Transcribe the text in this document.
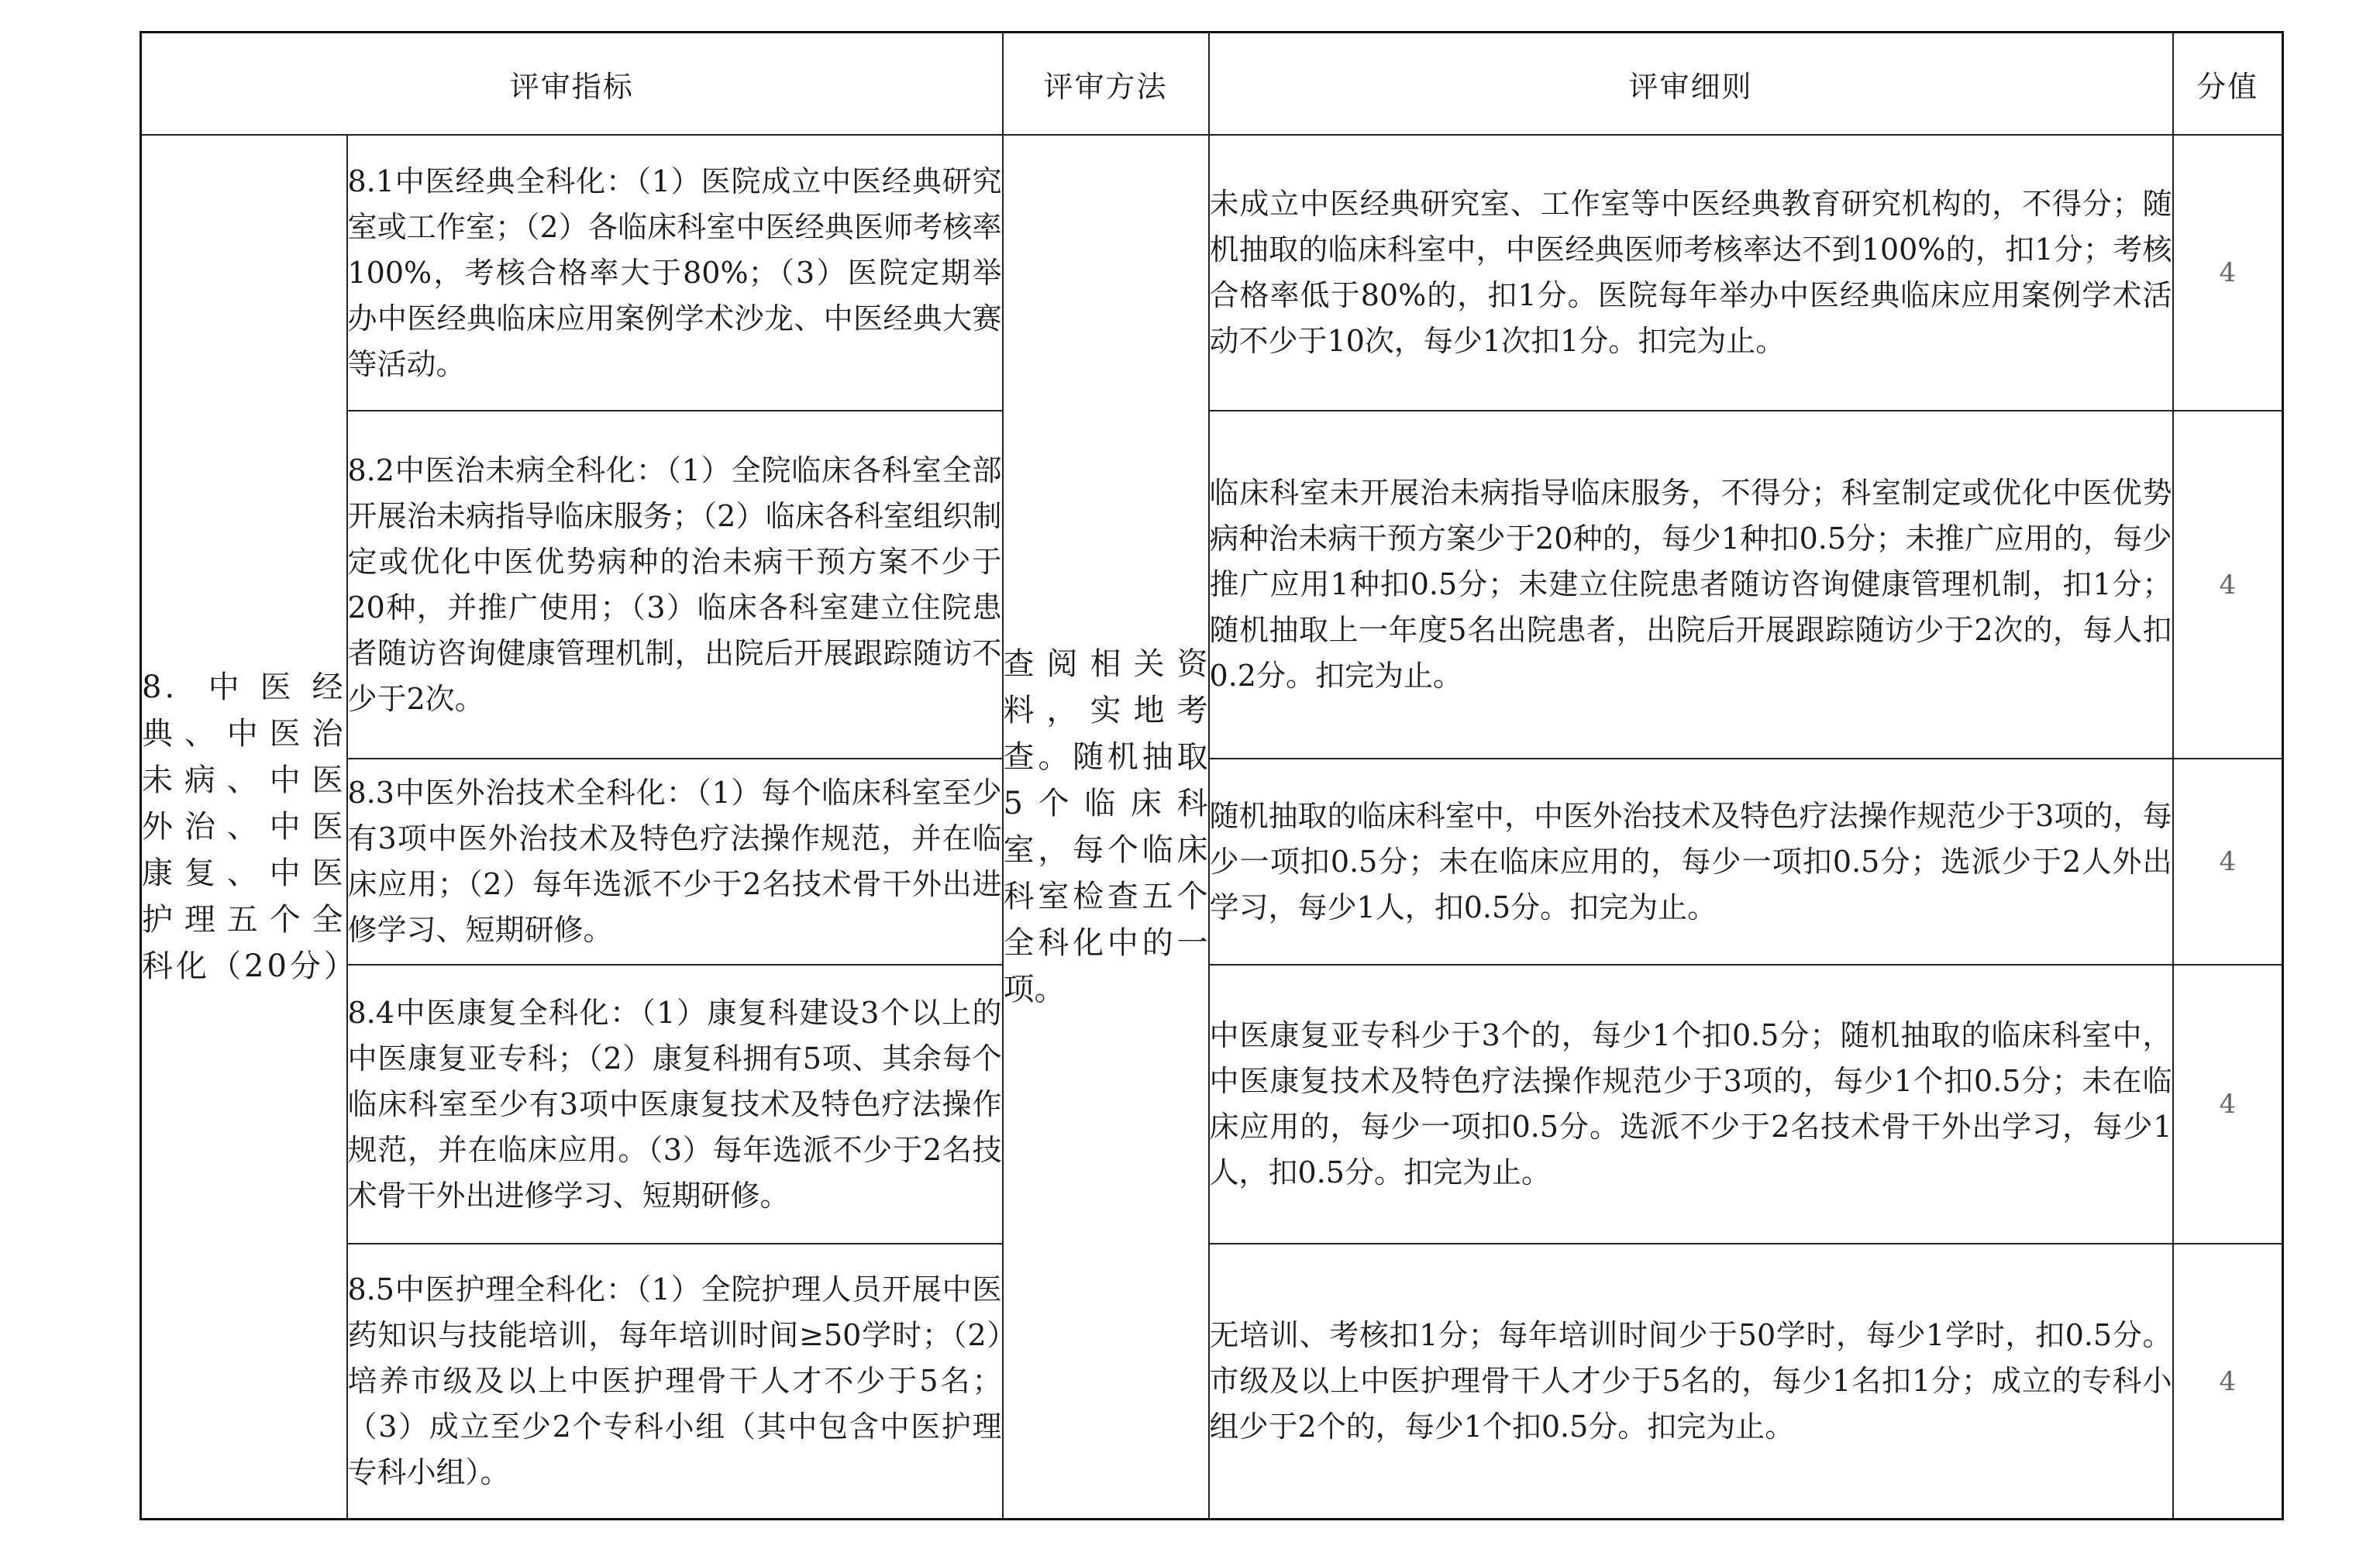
评审指标		评审方法	评审细则	分值
8. 中医经典、中医治未病、中医外治、中医康复、中医护理五个全科化（20分）	8.1中医经典全科化：（1）医院成立中医经典研究室或工作室；（2）各临床科室中医经典医师考核率100%，考核合格率大于80%；（3）医院定期举办中医经典临床应用案例学术沙龙、中医经典大赛等活动。	查阅相关资料，实地考查。随机抽取5个临床科室，每个临床科室检查五个全科化中的一项。	未成立中医经典研究室、工作室等中医经典教育研究机构的，不得分；随机抽取的临床科室中，中医经典医师考核率达不到100%的，扣1分；考核合格率低于80%的，扣1分。医院每年举办中医经典临床应用案例学术活动不少于10次，每少1次扣1分。扣完为止。	4
	8.2中医治未病全科化：（1）全院临床各科室全部开展治未病指导临床服务；（2）临床各科室组织制定或优化中医优势病种的治未病干预方案不少于20种，并推广使用；（3）临床各科室建立住院患者随访咨询健康管理机制，出院后开展跟踪随访不少于2次。		临床科室未开展治未病指导临床服务，不得分；科室制定或优化中医优势病种治未病干预方案少于20种的，每少1种扣0.5分；未推广应用的，每少推广应用1种扣0.5分；未建立住院患者随访咨询健康管理机制，扣1分；随机抽取上一年度5名出院患者，出院后开展跟踪随访少于2次的，每人扣0.2分。扣完为止。	4
	8.3中医外治技术全科化：（1）每个临床科室至少有3项中医外治技术及特色疗法操作规范，并在临床应用；（2）每年选派不少于2名技术骨干外出进修学习、短期研修。		随机抽取的临床科室中，中医外治技术及特色疗法操作规范少于3项的，每少一项扣0.5分；未在临床应用的，每少一项扣0.5分；选派少于2人外出学习，每少1人，扣0.5分。扣完为止。	4
	8.4中医康复全科化：（1）康复科建设3个以上的中医康复亚专科；（2）康复科拥有5项、其余每个临床科室至少有3项中医康复技术及特色疗法操作规范，并在临床应用。（3）每年选派不少于2名技术骨干外出进修学习、短期研修。		中医康复亚专科少于3个的，每少1个扣0.5分；随机抽取的临床科室中，中医康复技术及特色疗法操作规范少于3项的，每少1个扣0.5分；未在临床应用的，每少一项扣0.5分。选派不少于2名技术骨干外出学习，每少1人，扣0.5分。扣完为止。	4
	8.5中医护理全科化：（1）全院护理人员开展中医药知识与技能培训，每年培训时间≥50学时；（2）培养市级及以上中医护理骨干人才不少于5名；（3）成立至少2个专科小组（其中包含中医护理专科小组）。		无培训、考核扣1分；每年培训时间少于50学时，每少1学时，扣0.5分。市级及以上中医护理骨干人才少于5名的，每少1名扣1分；成立的专科小组少于2个的，每少1个扣0.5分。扣完为止。	4
